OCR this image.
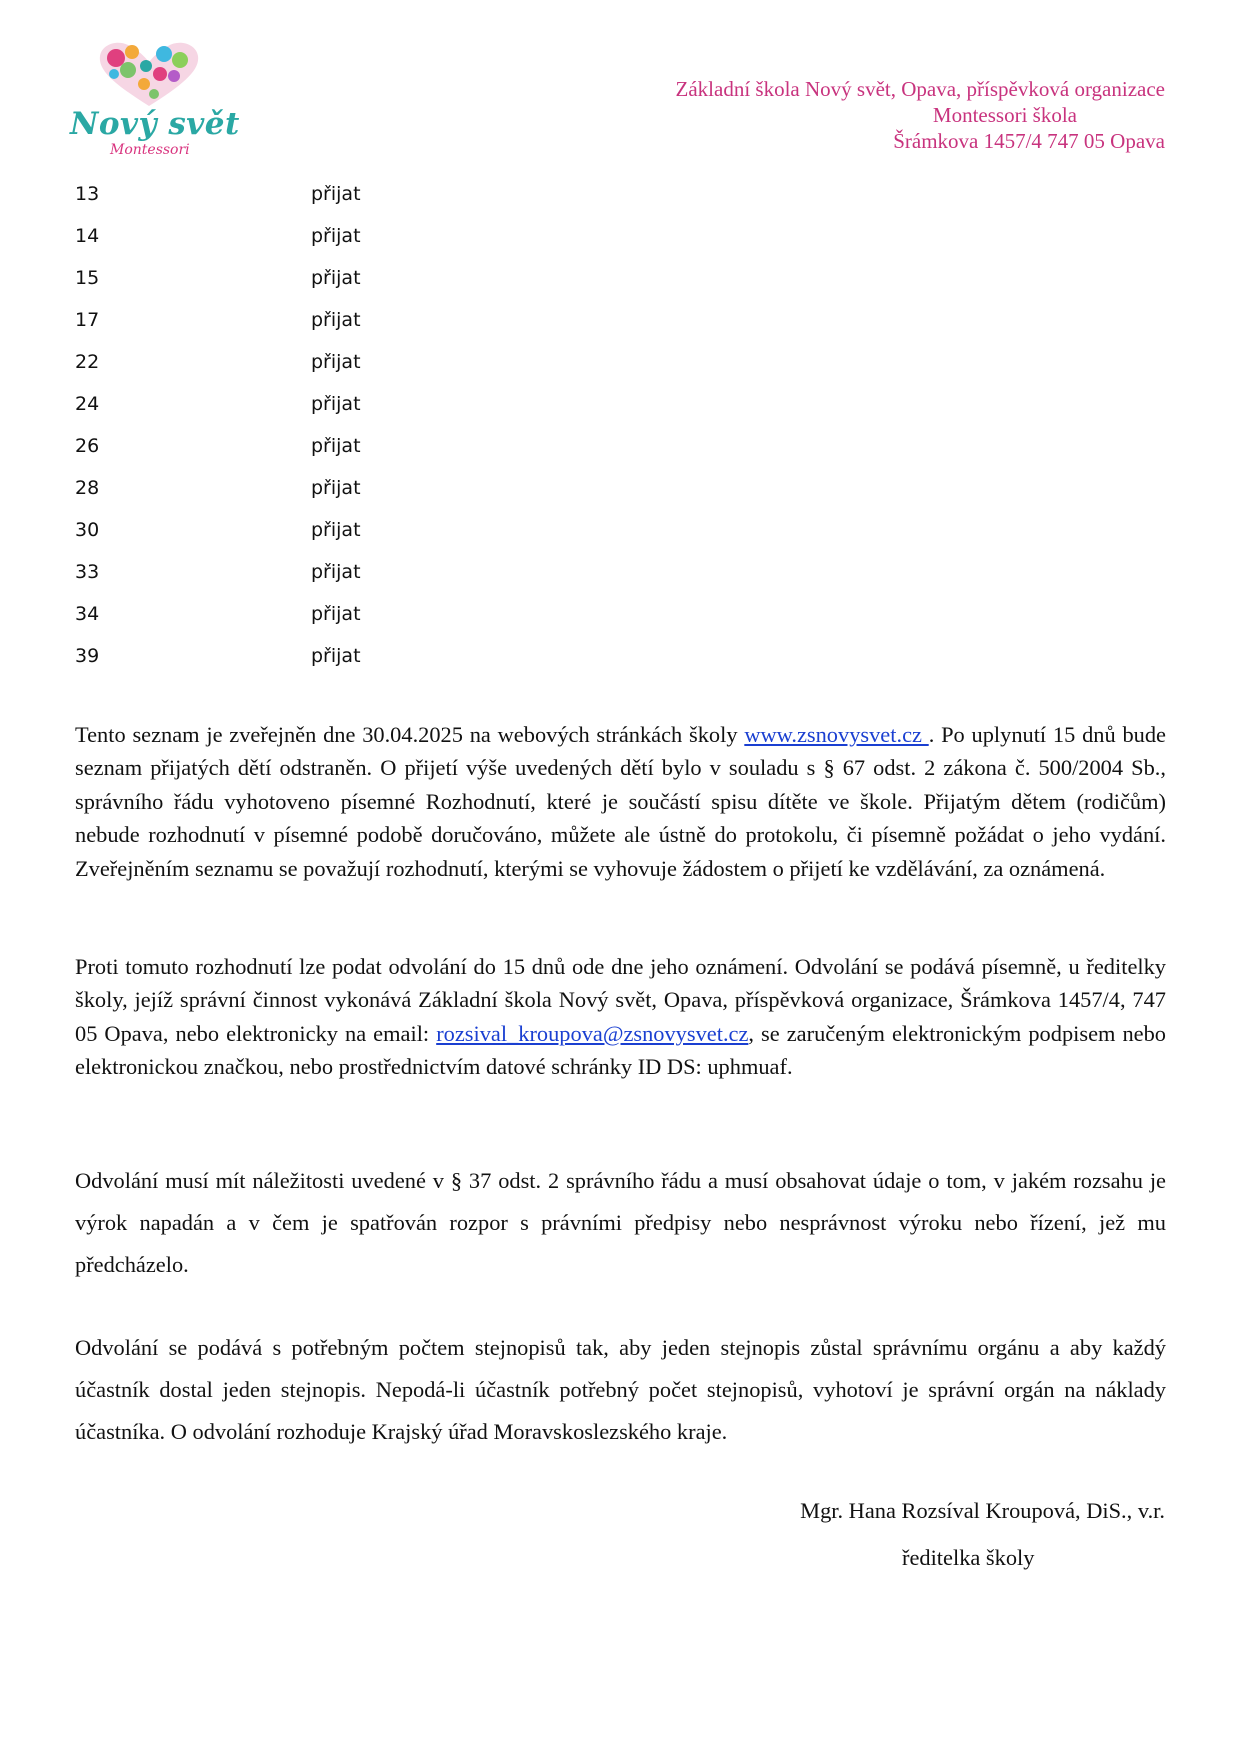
Nový svět
Montessori
Základní škola Nový svět, Opava, příspěvková organizace
Montessori škola
Šrámkova 1457/4 747 05 Opava
13	přijat
14	přijat
15	přijat
17	přijat
22	přijat
24	přijat
26	přijat
28	přijat
30	přijat
33	přijat
34	přijat
39	přijat
Tento seznam je zveřejněn dne 30.04.2025 na webových stránkách školy www.zsnovysvet.cz . Po uplynutí 15 dnů bude seznam přijatých dětí odstraněn. O přijetí výše uvedených dětí bylo v souladu s § 67 odst. 2 zákona č. 500/2004 Sb., správního řádu vyhotoveno písemné Rozhodnutí, které je součástí spisu dítěte ve škole. Přijatým dětem (rodičům) nebude rozhodnutí v písemné podobě doručováno, můžete ale ústně do protokolu, či písemně požádat o jeho vydání. Zveřejněním seznamu se považují rozhodnutí, kterými se vyhovuje žádostem o přijetí ke vzdělávání, za oznámená.
Proti tomuto rozhodnutí lze podat odvolání do 15 dnů ode dne jeho oznámení. Odvolání se podává písemně, u ředitelky školy, jejíž správní činnost vykonává Základní škola Nový svět, Opava, příspěvková organizace, Šrámkova 1457/4, 747 05 Opava, nebo elektronicky na email: rozsival_kroupova@zsnovysvet.cz, se zaručeným elektronickým podpisem nebo elektronickou značkou, nebo prostřednictvím datové schránky ID DS: uphmuaf.
Odvolání musí mít náležitosti uvedené v § 37 odst. 2 správního řádu a musí obsahovat údaje o tom, v jakém rozsahu je výrok napadán a v čem je spatřován rozpor s právními předpisy nebo nesprávnost výroku nebo řízení, jež mu předcházelo.
Odvolání se podává s potřebným počtem stejnopisů tak, aby jeden stejnopis zůstal správnímu orgánu a aby každý účastník dostal jeden stejnopis. Nepodá-li účastník potřebný počet stejnopisů, vyhotoví je správní orgán na náklady účastníka. O odvolání rozhoduje Krajský úřad Moravskoslezského kraje.
Mgr. Hana Rozsíval Kroupová, DiS., v.r.
ředitelka školy
